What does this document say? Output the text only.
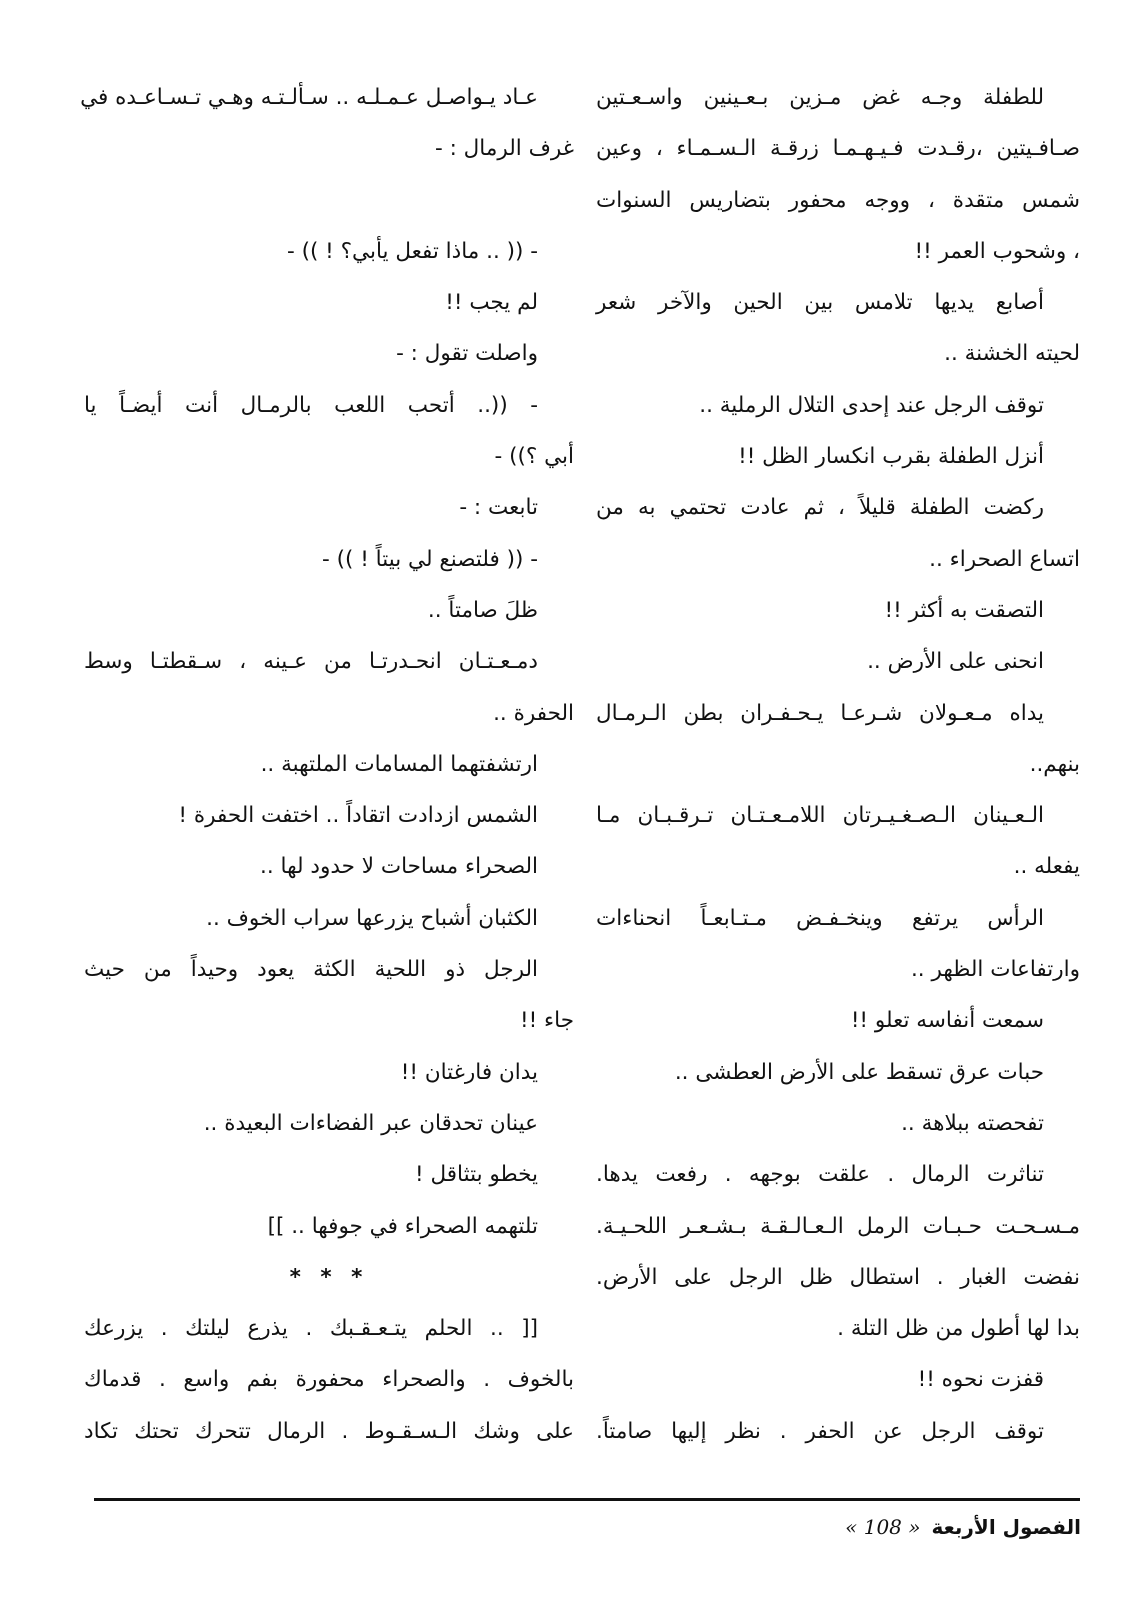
للطفلة وجـه غض مـزين بـعـينين واسـعـتين
صـافـيتين ،رقـدت فـيـهـمـا زرقـة الـسـمـاء ، وعين
شمس متقدة ، ووجه محفور بتضاريس السنوات
، وشحوب العمر !!
أصابع يديها تلامس بين الحين والآخر شعر
لحيته الخشنة ..
توقف الرجل عند إحدى التلال الرملية ..
أنزل الطفلة بقرب انكسار الظل !!
ركضت الطفلة قليلاً ، ثم عادت تحتمي به من
اتساع الصحراء ..
التصقت به أكثر !!
انحنى على الأرض ..
يداه مـعـولان شـرعـا يـحـفـران بطن الـرمـال
بنهم..
الـعـينان الـصـغـيـرتان اللامـعـتـان تـرقـبـان مـا
يفعله ..
الرأس يرتفع وينخـفـض مـتـابعـاً انحناءات
وارتفاعات الظهر ..
سمعت أنفاسه تعلو !!
حبات عرق تسقط على الأرض العطشى ..
تفحصته ببلاهة ..
تناثرت الرمال . علقت بوجهه . رفعت يدها.
مـسـحـت حـبـات الرمل الـعـالـقـة بـشـعـر اللحـيـة.
نفضت الغبار . استطال ظل الرجل على الأرض.
بدا لها أطول من ظل التلة .
قفزت نحوه !!
توقف الرجل عن الحفر . نظر إليها صامتاً.
عـاد يـواصـل عـمـلـه .. سـألـتـه وهـي تـسـاعـده في
غرف الرمال : -
- (( .. ماذا تفعل يأبي؟ ! )) -
لم يجب !!
واصلت تقول : -
- ((.. أتحب اللعب بالرمـال أنت أيضـاً يا
أبي ؟)) -
تابعت : -
- (( فلتصنع لي بيتاً ! )) -
ظلَ صامتاً ..
دمـعـتـان انحـدرتـا من عـينه ، سـقطتـا وسط
الحفرة ..
ارتشفتهما المسامات الملتهبة ..
الشمس ازدادت اتقاداً .. اختفت الحفرة !
الصحراء مساحات لا حدود لها ..
الكثبان أشباح يزرعها سراب الخوف ..
الرجل ذو اللحية الكثة يعود وحيداً من حيث
جاء !!
يدان فارغتان !!
عينان تحدقان عبر الفضاءات البعيدة ..
يخطو بتثاقل !
تلتهمه الصحراء في جوفها .. ]]
* * *
[[ .. الحلم يتـعـقـبك . يذرع ليلتك . يزرعك
بالخوف . والصحراء محفورة بفم واسع . قدماك
على وشك الـسـقـوط . الرمال تتحرك تحتك تكاد
الفصول الأربعة « 108 »
